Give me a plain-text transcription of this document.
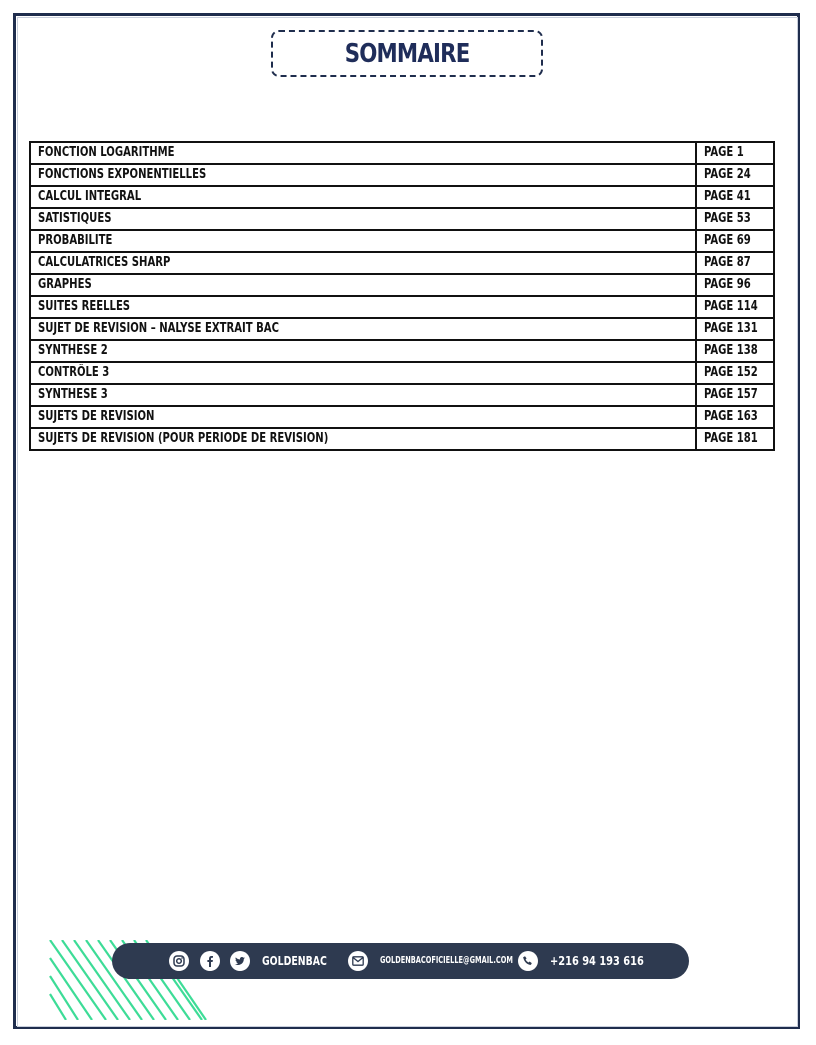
SOMMAIRE
FONCTION LOGARITHME	PAGE 1
FONCTIONS EXPONENTIELLES	PAGE 24
CALCUL INTEGRAL	PAGE 41
SATISTIQUES	PAGE 53
PROBABILITE	PAGE 69
CALCULATRICES SHARP	PAGE 87
GRAPHES	PAGE 96
SUITES REELLES	PAGE 114
SUJET DE REVISION – NALYSE EXTRAIT BAC	PAGE 131
SYNTHESE 2	PAGE 138
CONTRÔLE 3	PAGE 152
SYNTHESE 3	PAGE 157
SUJETS DE REVISION	PAGE 163
SUJETS DE REVISION (POUR PERIODE DE REVISION)	PAGE 181
GOLDENBAC	GOLDENBACOFICIELLE@GMAIL.COM	+216 94 193 616
